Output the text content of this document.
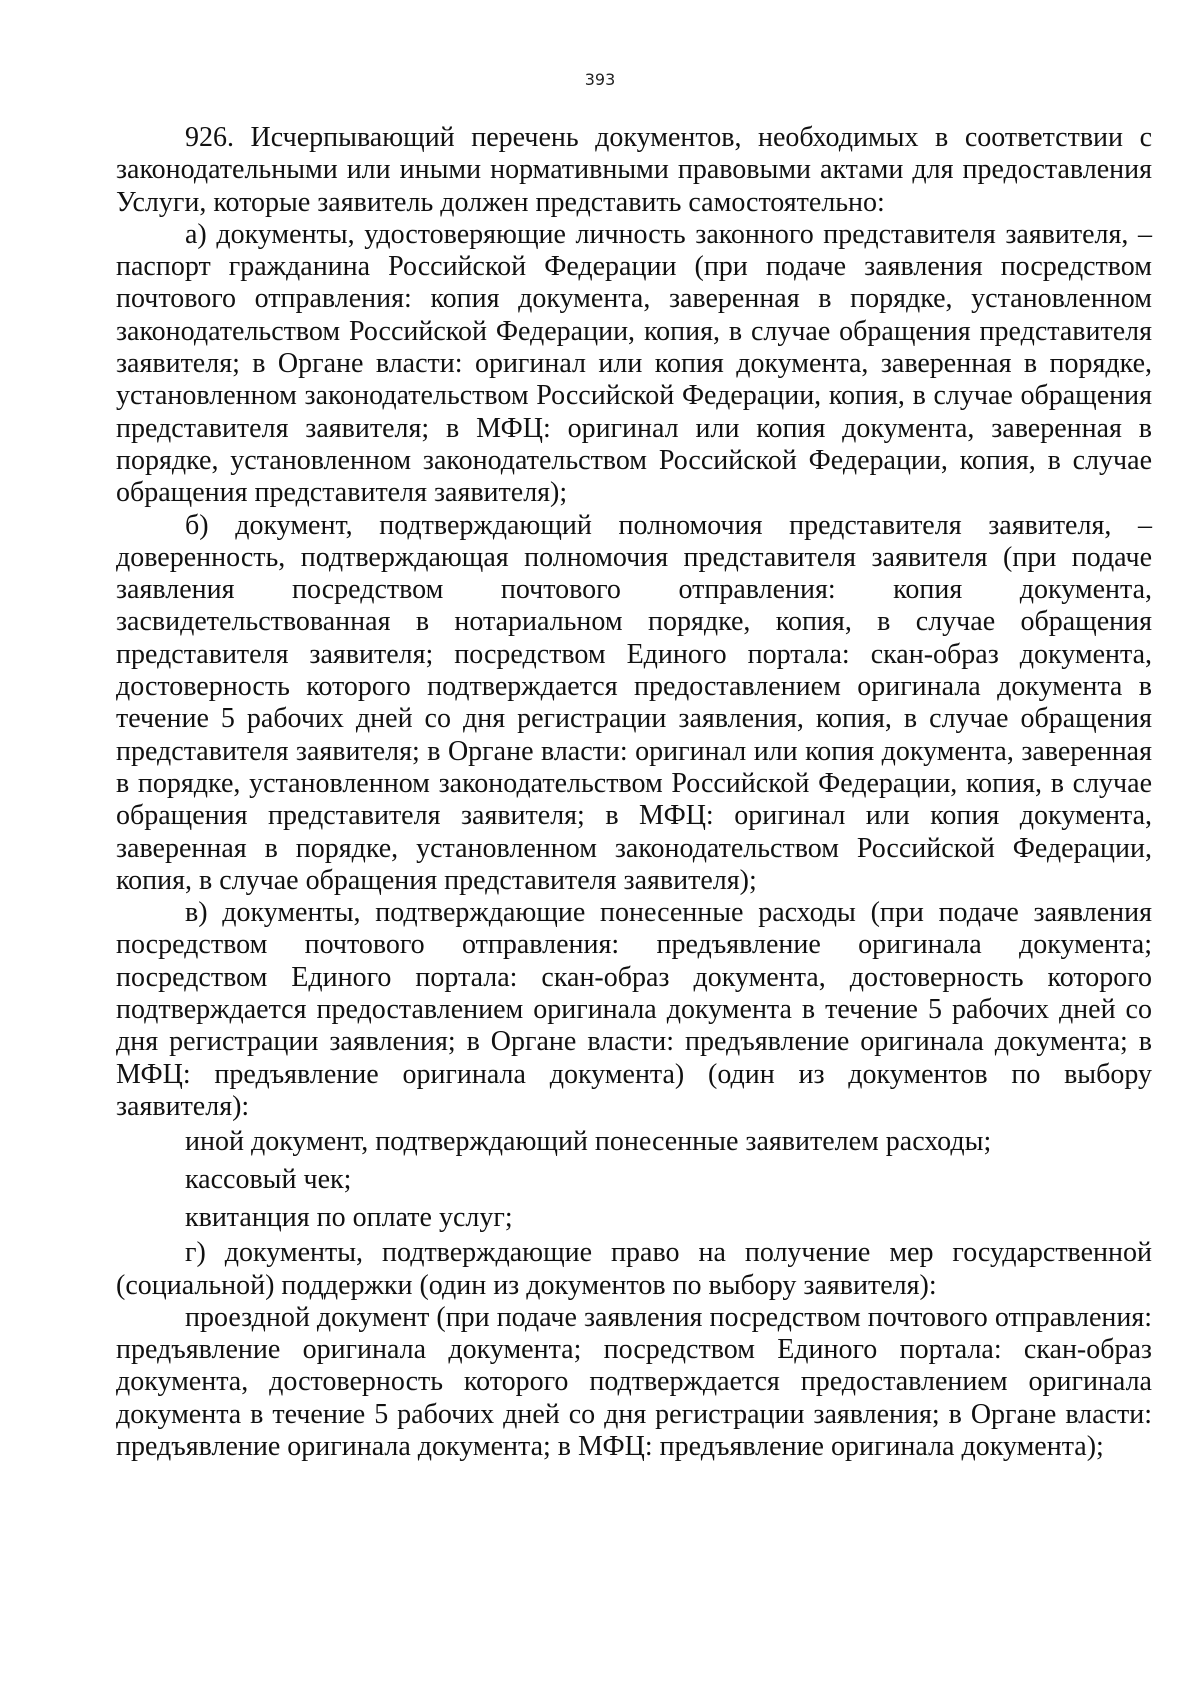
393

926. Исчерпывающий перечень документов, необходимых в соответствии с законодательными или иными нормативными правовыми актами для предоставления Услуги, которые заявитель должен представить самостоятельно:

а) документы, удостоверяющие личность законного представителя заявителя, – паспорт гражданина Российской Федерации (при подаче заявления посредством почтового отправления: копия документа, заверенная в порядке, установленном законодательством Российской Федерации, копия, в случае обращения представителя заявителя; в Органе власти: оригинал или копия документа, заверенная в порядке, установленном законодательством Российской Федерации, копия, в случае обращения представителя заявителя; в МФЦ: оригинал или копия документа, заверенная в порядке, установленном законодательством Российской Федерации, копия, в случае обращения представителя заявителя);

б) документ, подтверждающий полномочия представителя заявителя, – доверенность, подтверждающая полномочия представителя заявителя (при подаче заявления посредством почтового отправления: копия документа, засвидетельствованная в нотариальном порядке, копия, в случае обращения представителя заявителя; посредством Единого портала: скан-образ документа, достоверность которого подтверждается предоставлением оригинала документа в течение 5 рабочих дней со дня регистрации заявления, копия, в случае обращения представителя заявителя; в Органе власти: оригинал или копия документа, заверенная в порядке, установленном законодательством Российской Федерации, копия, в случае обращения представителя заявителя; в МФЦ: оригинал или копия документа, заверенная в порядке, установленном законодательством Российской Федерации, копия, в случае обращения представителя заявителя);

в) документы, подтверждающие понесенные расходы (при подаче заявления посредством почтового отправления: предъявление оригинала документа; посредством Единого портала: скан-образ документа, достоверность которого подтверждается предоставлением оригинала документа в течение 5 рабочих дней со дня регистрации заявления; в Органе власти: предъявление оригинала документа; в МФЦ: предъявление оригинала документа) (один из документов по выбору заявителя):

иной документ, подтверждающий понесенные заявителем расходы;

кассовый чек;

квитанция по оплате услуг;

г) документы, подтверждающие право на получение мер государственной (социальной) поддержки (один из документов по выбору заявителя):

проездной документ (при подаче заявления посредством почтового отправления: предъявление оригинала документа; посредством Единого портала: скан-образ документа, достоверность которого подтверждается предоставлением оригинала документа в течение 5 рабочих дней со дня регистрации заявления; в Органе власти: предъявление оригинала документа; в МФЦ: предъявление оригинала документа);
